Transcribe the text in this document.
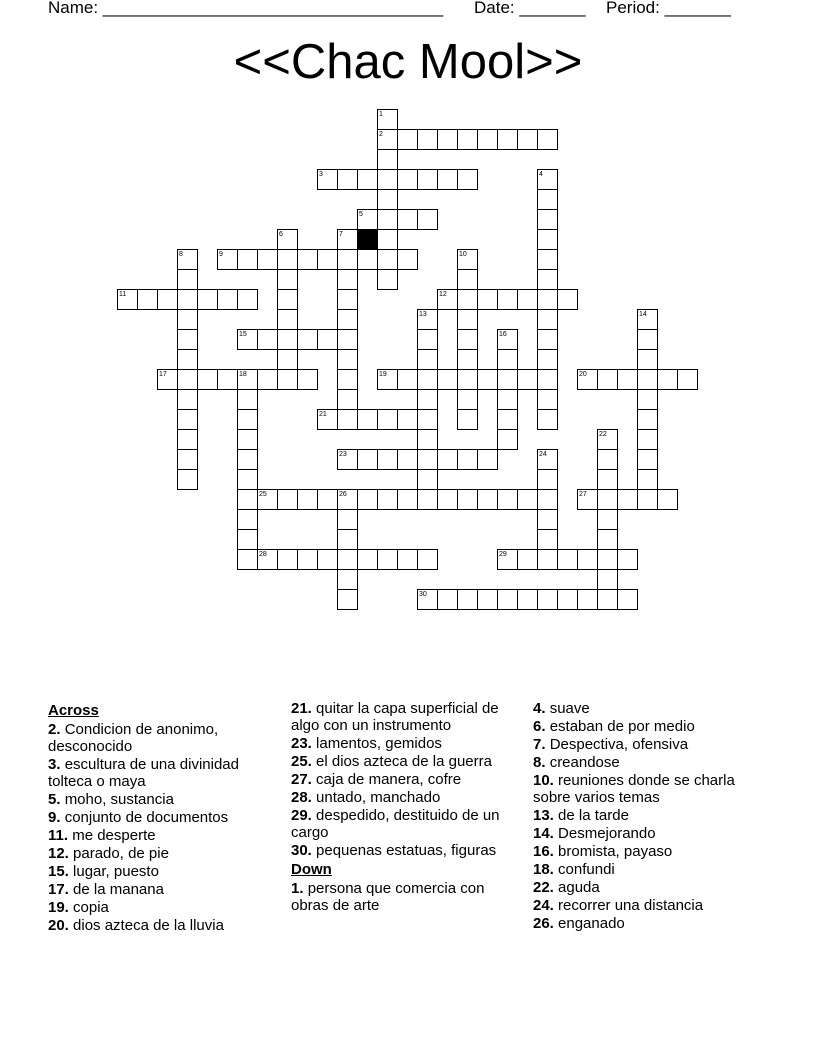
Name: ____________________________________ Date: _______ Period: _______
<<Chac Mool>>
1
2
3	4
5
6	7
8	9	10
11	12
13	14
15	16
17	18	19	20
21
22
23	24
25	26	27
28	29
30
Across
2. Condicion de anonimo, desconocido
3. escultura de una divinidad tolteca o maya
5. moho, sustancia
9. conjunto de documentos
11. me desperte
12. parado, de pie
15. lugar, puesto
17. de la manana
19. copia
20. dios azteca de la lluvia
21. quitar la capa superficial de algo con un instrumento
23. lamentos, gemidos
25. el dios azteca de la guerra
27. caja de manera, cofre
28. untado, manchado
29. despedido, destituido de un cargo
30. pequenas estatuas, figuras
Down
1. persona que comercia con obras de arte
4. suave
6. estaban de por medio
7. Despectiva, ofensiva
8. creandose
10. reuniones donde se charla sobre varios temas
13. de la tarde
14. Desmejorando
16. bromista, payaso
18. confundi
22. aguda
24. recorrer una distancia
26. enganado
